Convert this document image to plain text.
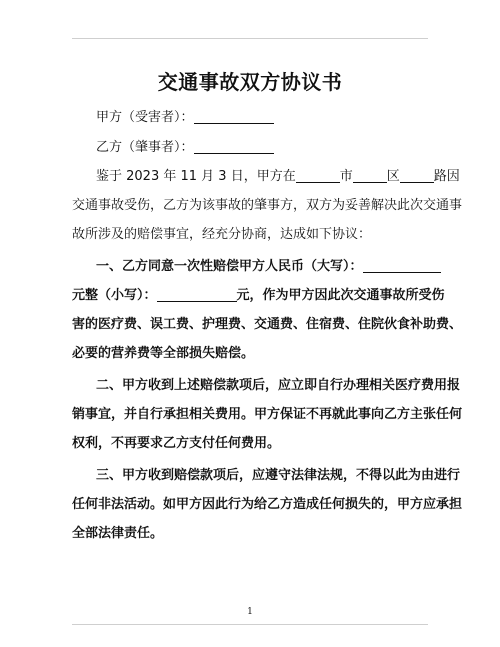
交通事故双方协议书
甲方（受害者）：
乙方（肇事者）：
鉴于 2023 年 11 月 3 日，甲方在	市	区	路因
交通事故受伤，乙方为该事故的肇事方，双方为妥善解决此次交通事
故所涉及的赔偿事宜，经充分协商，达成如下协议：
一、乙方同意一次性赔偿甲方人民币（大写）：
元整（小写）：	元，作为甲方因此次交通事故所受伤
害的医疗费、误工费、护理费、交通费、住宿费、住院伙食补助费、
必要的营养费等全部损失赔偿。
二、甲方收到上述赔偿款项后，应立即自行办理相关医疗费用报
销事宜，并自行承担相关费用。甲方保证不再就此事向乙方主张任何
权利，不再要求乙方支付任何费用。
三、甲方收到赔偿款项后，应遵守法律法规，不得以此为由进行
任何非法活动。如甲方因此行为给乙方造成任何损失的，甲方应承担
全部法律责任。
1
